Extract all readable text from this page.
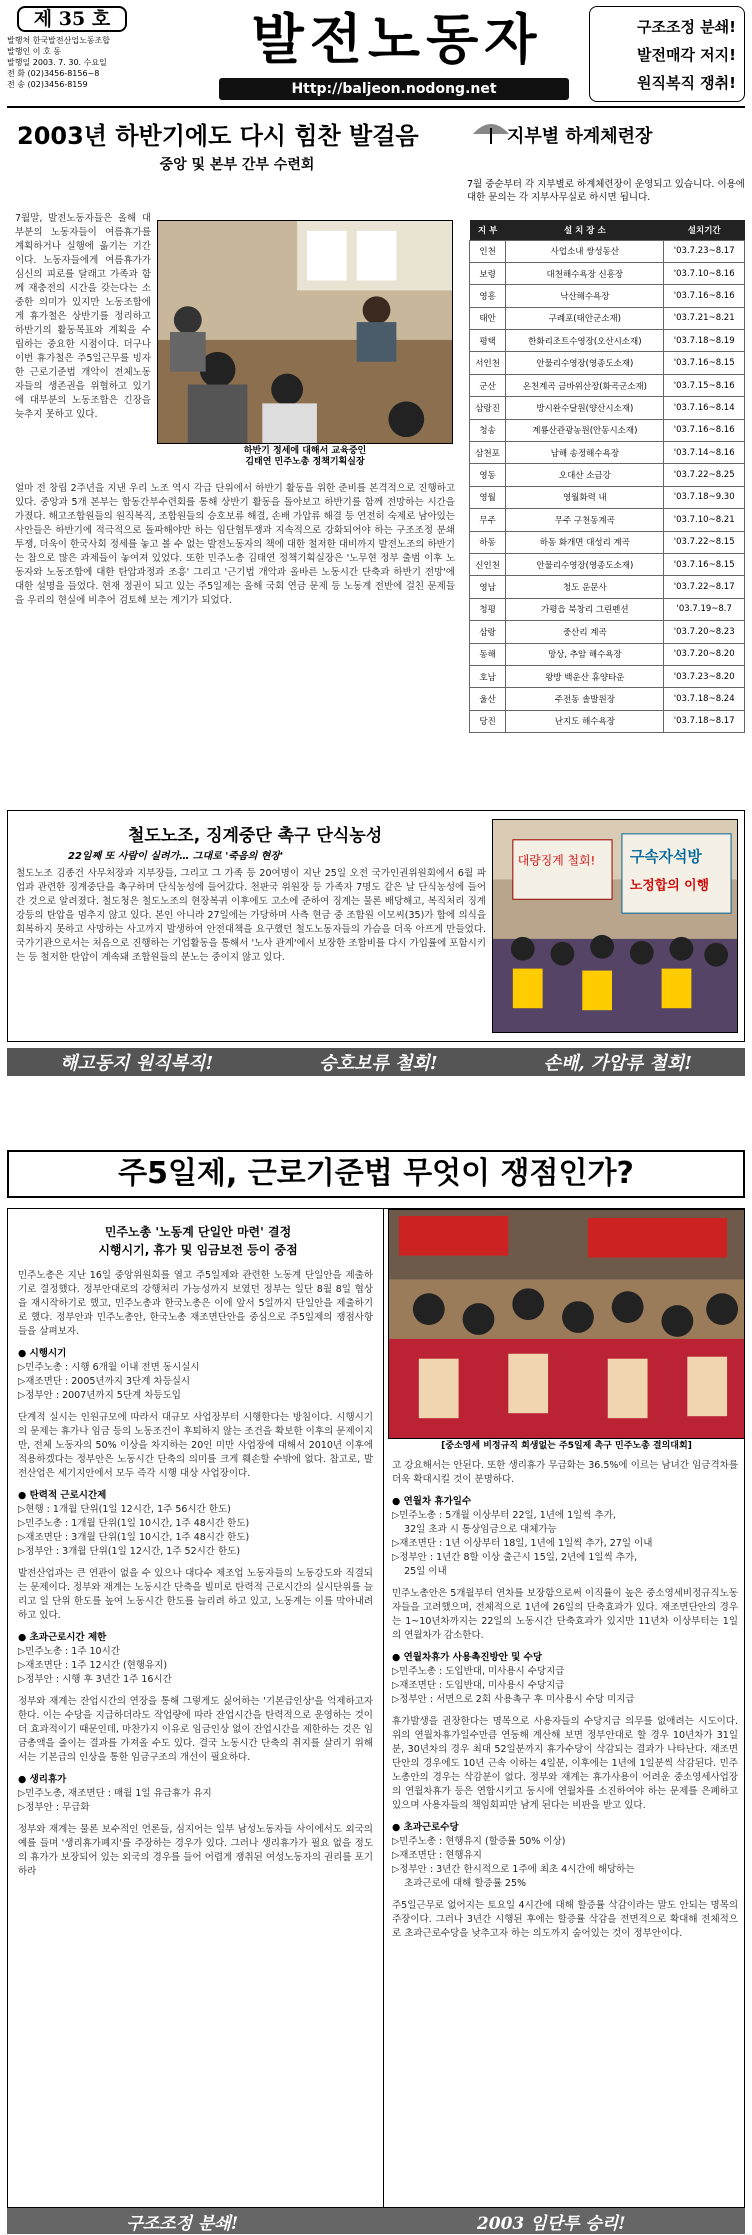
제 35 호
발행처 한국발전산업노동조합
발행인 이 호 동
발행일 2003. 7. 30. 수요일
전 화 (02)3456-8156~8
전 송 (02)3456-8159
발전노동자
Http://baljeon.nodong.net
구조조정 분쇄!
발전매각 저지!
원직복직 쟁취!
2003년 하반기에도 다시 힘찬 발걸음
중앙 및 본부 간부 수련회
하반기 정세에 대해서 교육중인
김태연 민주노총 정책기획실장
7월말, 발전노동자들은 올해 대부분의 노동자들이 여름휴가를 계획하거나 실행에 옮기는 기간이다. 노동자들에게 여름휴가가 심신의 피로를 달래고 가족과 함께 재충전의 시간을 갖는다는 소중한 의미가 있지만 노동조합에게 휴가철은 상반기를 정리하고 하반기의 활동목표와 계획을 수립하는 중요한 시점이다. 더구나 이번 휴가철은 주5일근무를 빙자한 근로기준법 개악이 전체노동자들의 생존권을 위협하고 있기에 대부분의 노동조합은 긴장을 늦추지 못하고 있다.
얼마 전 창립 2주년을 지낸 우리 노조 역시 각급 단위에서 하반기 활동을 위한 준비를 본격적으로 진행하고 있다. 중앙과 5개 본부는 합동간부수련회를 통해 상반기 활동을 돌아보고 하반기를 함께 전망하는 시간을 가졌다. 해고조합원들의 원직복직, 조합원들의 승호보류 해결, 손배 가압류 해결 등 연전히 숙제로 남아있는 사안들은 하반기에 적극적으로 돌파해야만 하는 임단협투쟁과 지속적으로 강화되어야 하는 구조조정 분쇄투쟁, 더욱이 한국사회 정세를 놓고 볼 수 없는 발전노동자의 책에 대한 철저한 대비까지 발전노조의 하반기는 참으로 많은 과제들이 놓여져 있었다. 또한 민주노총 김태연 정책기획실장은 '노무현 정부 출범 이후 노동자와 노동조합에 대한 탄압과정과 조흥' 그리고 '근기법 개악과 올바른 노동시간 단축과 하반기 전망'에 대한 설명을 들었다. 현재 정권이 되고 있는 주5일제는 올해 국회 연금 문제 등 노동계 전반에 걸친 문제들을 우리의 현실에 비추어 검토해 보는 계기가 되었다.
지부별 하계체련장
7월 중순부터 각 지부별로 하계체련장이 운영되고 있습니다. 이용에 대한 문의는 각 지부사무실로 하시면 됩니다.
지 부	설 치 장 소	설치기간
인천	사업소내 쌍성동산	'03.7.23~8.17
보령	대천해수욕장 신흥장	'03.7.10~8.16
영흥	낙산해수욕장	'03.7.16~8.16
태안	구례포(태안군소재)	'03.7.21~8.21
평택	한화리조트수영장(오산시소재)	'03.7.18~8.19
서인천	안물리수영장(영종도소재)	'03.7.16~8.15
군산	온천계곡 금바위산장(화곡군소재)	'03.7.15~8.16
삼랑진	방시완수달원(양산시소재)	'03.7.16~8.14
청송	계룡산관광농원(안동시소재)	'03.7.16~8.16
삼천포	남해 송정해수욕장	'03.7.14~8.16
영동	오대산 소금강	'03.7.22~8.25
영월	영월화력 내	'03.7.18~9.30
무주	무주 구천동계곡	'03.7.10~8.21
하동	하동 화개면 대성리 계곡	'03.7.22~8.15
신인천	안물리수영장(영종도소재)	'03.7.16~8.15
영남	청도 운문사	'03.7.22~8.17
청평	가평읍 북창리 그린펜션	'03.7.19~8.7
삼랑	중산리 계곡	'03.7.20~8.23
동해	망상, 추암 해수욕장	'03.7.20~8.20
호남	왕방 백운산 휴양타운	'03.7.23~8.20
울산	주전동 솔발원장	'03.7.18~8.24
당진	난지도 해수욕장	'03.7.18~8.17
철도노조, 징계중단 촉구 단식농성
22일째 또 사람이 실려가… 그대로 '죽음의 현장'
철도노조 김종건 사무처장과 지부장들, 그리고 그 가족 등 20여명이 지난 25일 오전 국가인권위원회에서 6월 파업과 관련한 징계중단을 촉구하며 단식농성에 들어갔다. 천판국 위원장 등 가족자 7명도 같은 날 단식농성에 들어간 것으로 알려졌다. 철도청은 철도노조의 현장복귀 이후에도 고소에 준하여 징계는 물론 배당해고, 복직처리 징계 강등의 탄압을 멈추지 않고 있다. 본인 아니라 27일에는 가당하며 사측 현금 중 조합원 이모씨(35)가 합에 의식을 회복하지 못하고 사망하는 사고까지 발생하여 안전대책을 요구했던 철도노동자들의 가슴을 더욱 아프게 만들었다. 국가기관으로서는 처음으로 진행하는 기업활동을 통해서 '노사 관계'에서 보장한 조합비를 다시 가입률에 포함시키는 등 철저한 탄압이 계속돼 조합원들의 분노는 중이지 않고 있다.
대량징계 철회! 구속자석방
노정합의 이행
해고동지 원직복직!	승호보류 철회!	손배, 가압류 철회!
주5일제, 근로기준법 무엇이 쟁점인가?
민주노총 '노동계 단일안 마련' 결정
시행시기, 휴가 및 임금보전 등이 중점
[중소영세 비정규직 희생없는 주5일제 촉구 민주노총 결의대회]

민주노총은 지난 16일 중앙위원회를 열고 주5일제와 관련한 노동계 단일안을 제출하기로 결정했다. 정부안대로의 강행처리 가능성까지 보였던 정부는 일단 8월 8일 협상을 재시작하기로 했고, 민주노총과 한국노총은 이에 앞서 5일까지 단일안을 제출하기로 했다. 정부안과 민주노총안, 한국노총 재조면단안을 중심으로 주5일제의 쟁점사항들을 살펴보자.

● 시행시기
▷민주노총 : 시행 6개월 이내 전면 동시실시
▷재조면단 : 2005년까지 3단계 차등실시
▷정부안 : 2007년까지 5단계 차등도입

단계적 실시는 인원규모에 따라서 대규모 사업장부터 시행한다는 방침이다. 시행시기의 문제는 휴가나 임금 등의 노동조건이 후퇴하지 않는 조건을 확보한 이후의 문제이지만, 전체 노동자의 50% 이상을 차지하는 20인 미만 사업장에 대해서 2010년 이후에 적용하겠다는 정부안은 노동시간 단축의 의미를 크게 훼손할 수밖에 없다. 참고로, 발전산업은 세기지안에서 모두 즉각 시행 대상 사업장이다.

● 탄력적 근로시간제
▷현행 : 1개월 단위(1일 12시간, 1주 56시간 한도)
▷민주노총 : 1개월 단위(1일 10시간, 1주 48시간 한도)
▷재조면단 : 3개월 단위(1일 10시간, 1주 48시간 한도)
▷정부안 : 3개월 단위(1일 12시간, 1주 52시간 한도)

발전산업과는 큰 연관이 없을 수 있으나 대다수 제조업 노동자들의 노동강도와 직결되는 문제이다. 정부와 재계는 노동시간 단축을 빌미로 탄력적 근로시간의 실시단위를 늘리고 일 단위 한도를 높여 노동시간 한도를 늘리려 하고 있고, 노동계는 이를 막아내려 하고 있다.

● 초과근로시간 제한
▷민주노총 : 1주 10시간
▷재조면단 : 1주 12시간 (현행유지)
▷정부안 : 시행 후 3년간 1주 16시간

정부와 재계는 잔업시간의 연장을 통해 그렇게도 싫어하는 '기본급인상'을 억제하고자 한다. 이는 수당을 지급하더라도 작업량에 따라 잔업시간을 탄력적으로 운영하는 것이 더 효과적이기 때문인데, 마찬가지 이유로 임금인상 없이 잔업시간을 제한하는 것은 임금총액을 줄이는 결과를 가져올 수도 있다. 결국 노동시간 단축의 취지를 살리기 위해서는 기본급의 인상을 통한 임금구조의 개선이 필요하다.

● 생리휴가
▷민주노총, 재조면단 : 매월 1일 유급휴가 유지
▷정부안 : 무급화

정부와 재계는 물론 보수적인 언론들, 심지어는 일부 남성노동자들 사이에서도 외국의 예를 들며 '생리휴가폐지'를 주장하는 경우가 있다. 그러나 생리휴가가 필요 없을 정도의 휴가가 보장되어 있는 외국의 경우를 들어 어렵게 쟁취된 여성노동자의 권리를 포기하라

고 강요해서는 안된다. 또한 생리휴가 무급화는 36.5%에 이르는 남녀간 임금격차를 더욱 확대시킬 것이 분명하다.

● 연월차 휴가일수
▷민주노총 : 5개월 이상부터 22일, 1년에 1일씩 추가,
32일 초과 시 통상임금으로 대체가능
▷재조면단 : 1년 이상부터 18일, 1년에 1일씩 추가, 27일 이내
▷정부안 : 1년간 8할 이상 출근시 15일, 2년에 1일씩 추가,
25일 이내

민주노총안은 5개월부터 연차를 보장함으로써 이직률이 높은 중소영세비정규직노동자들을 고려했으며, 전체적으로 1년에 26일의 단축효과가 있다. 재조면단안의 경우는 1~10년차까지는 22일의 노동시간 단축효과가 있지만 11년차 이상부터는 1일의 연월차가 감소한다.

● 연월차휴가 사용촉진방안 및 수당
▷민주노총 : 도입반대, 미사용시 수당지급
▷재조면단 : 도입반대, 미사용시 수당지급
▷정부안 : 서면으로 2회 사용촉구 후 미사용시 수당 미지급

휴가발생을 권장한다는 명목으로 사용자들의 수당지급 의무를 없애려는 시도이다. 위의 연월차휴가일수만큼 연동해 계산해 보면 정부안대로 할 경우 10년차가 31일분, 30년차의 경우 최대 52일분까지 휴가수당이 삭감되는 결과가 나타난다. 재조면단안의 경우에도 10년 근속 이하는 4일분, 이후에는 1년에 1일분씩 삭감된다. 민주노총안의 경우는 삭감분이 없다. 정부와 재계는 휴가사용이 어려운 중소영세사업장의 연월차휴가 등은 연합시키고 동시에 연월차를 소진하여야 하는 문제를 은폐하고 있으며 사용자들의 책임회피만 남게 된다는 비판을 받고 있다.

● 초과근로수당
▷민주노총 : 현행유지 (할증률 50% 이상)
▷재조면단 : 현행유지
▷정부안 : 3년간 한시적으로 1주에 최초 4시간에 해당하는
초과근로에 대해 할증률 25%

주5일근무로 없어지는 토요일 4시간에 대해 할증률 삭감이라는 말도 안되는 명목의 주장이다. 그러나 3년간 시행된 후에는 할증률 삭감을 전면적으로 확대해 전체적으로 초과근로수당을 낮추고자 하는 의도까지 숨어있는 것이 정부안이다.

구조조정 분쇄!	2003 임단투 승리!
